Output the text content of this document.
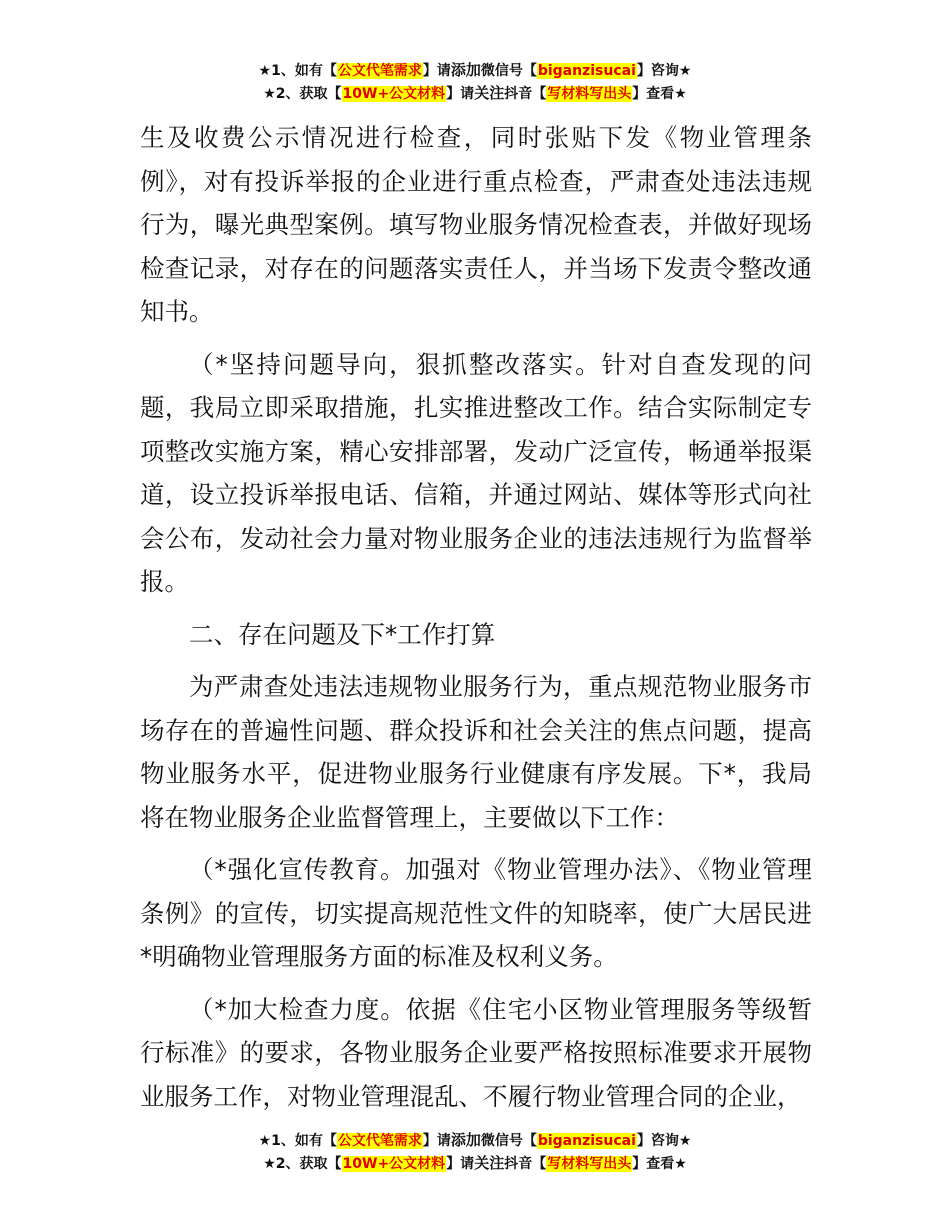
★1、如有【公文代笔需求】请添加微信号【biganzisucai】咨询★
★2、获取【10W+公文材料】请关注抖音【写材料写出头】查看★

生及收费公示情况进行检查，同时张贴下发《物业管理条例》，对有投诉举报的企业进行重点检查，严肃查处违法违规行为，曝光典型案例。填写物业服务情况检查表，并做好现场检查记录，对存在的问题落实责任人，并当场下发责令整改通知书。

（*坚持问题导向，狠抓整改落实。针对自查发现的问题，我局立即采取措施，扎实推进整改工作。结合实际制定专项整改实施方案，精心安排部署，发动广泛宣传，畅通举报渠道，设立投诉举报电话、信箱，并通过网站、媒体等形式向社会公布，发动社会力量对物业服务企业的违法违规行为监督举报。

二、存在问题及下*工作打算

为严肃查处违法违规物业服务行为，重点规范物业服务市场存在的普遍性问题、群众投诉和社会关注的焦点问题，提高物业服务水平，促进物业服务行业健康有序发展。下*，我局将在物业服务企业监督管理上，主要做以下工作：

（*强化宣传教育。加强对《物业管理办法》、《物业管理条例》的宣传，切实提高规范性文件的知晓率，使广大居民进*明确物业管理服务方面的标准及权利义务。

（*加大检查力度。依据《住宅小区物业管理服务等级暂行标准》的要求，各物业服务企业要严格按照标准要求开展物业服务工作，对物业管理混乱、不履行物业管理合同的企业，

★1、如有【公文代笔需求】请添加微信号【biganzisucai】咨询★
★2、获取【10W+公文材料】请关注抖音【写材料写出头】查看★
